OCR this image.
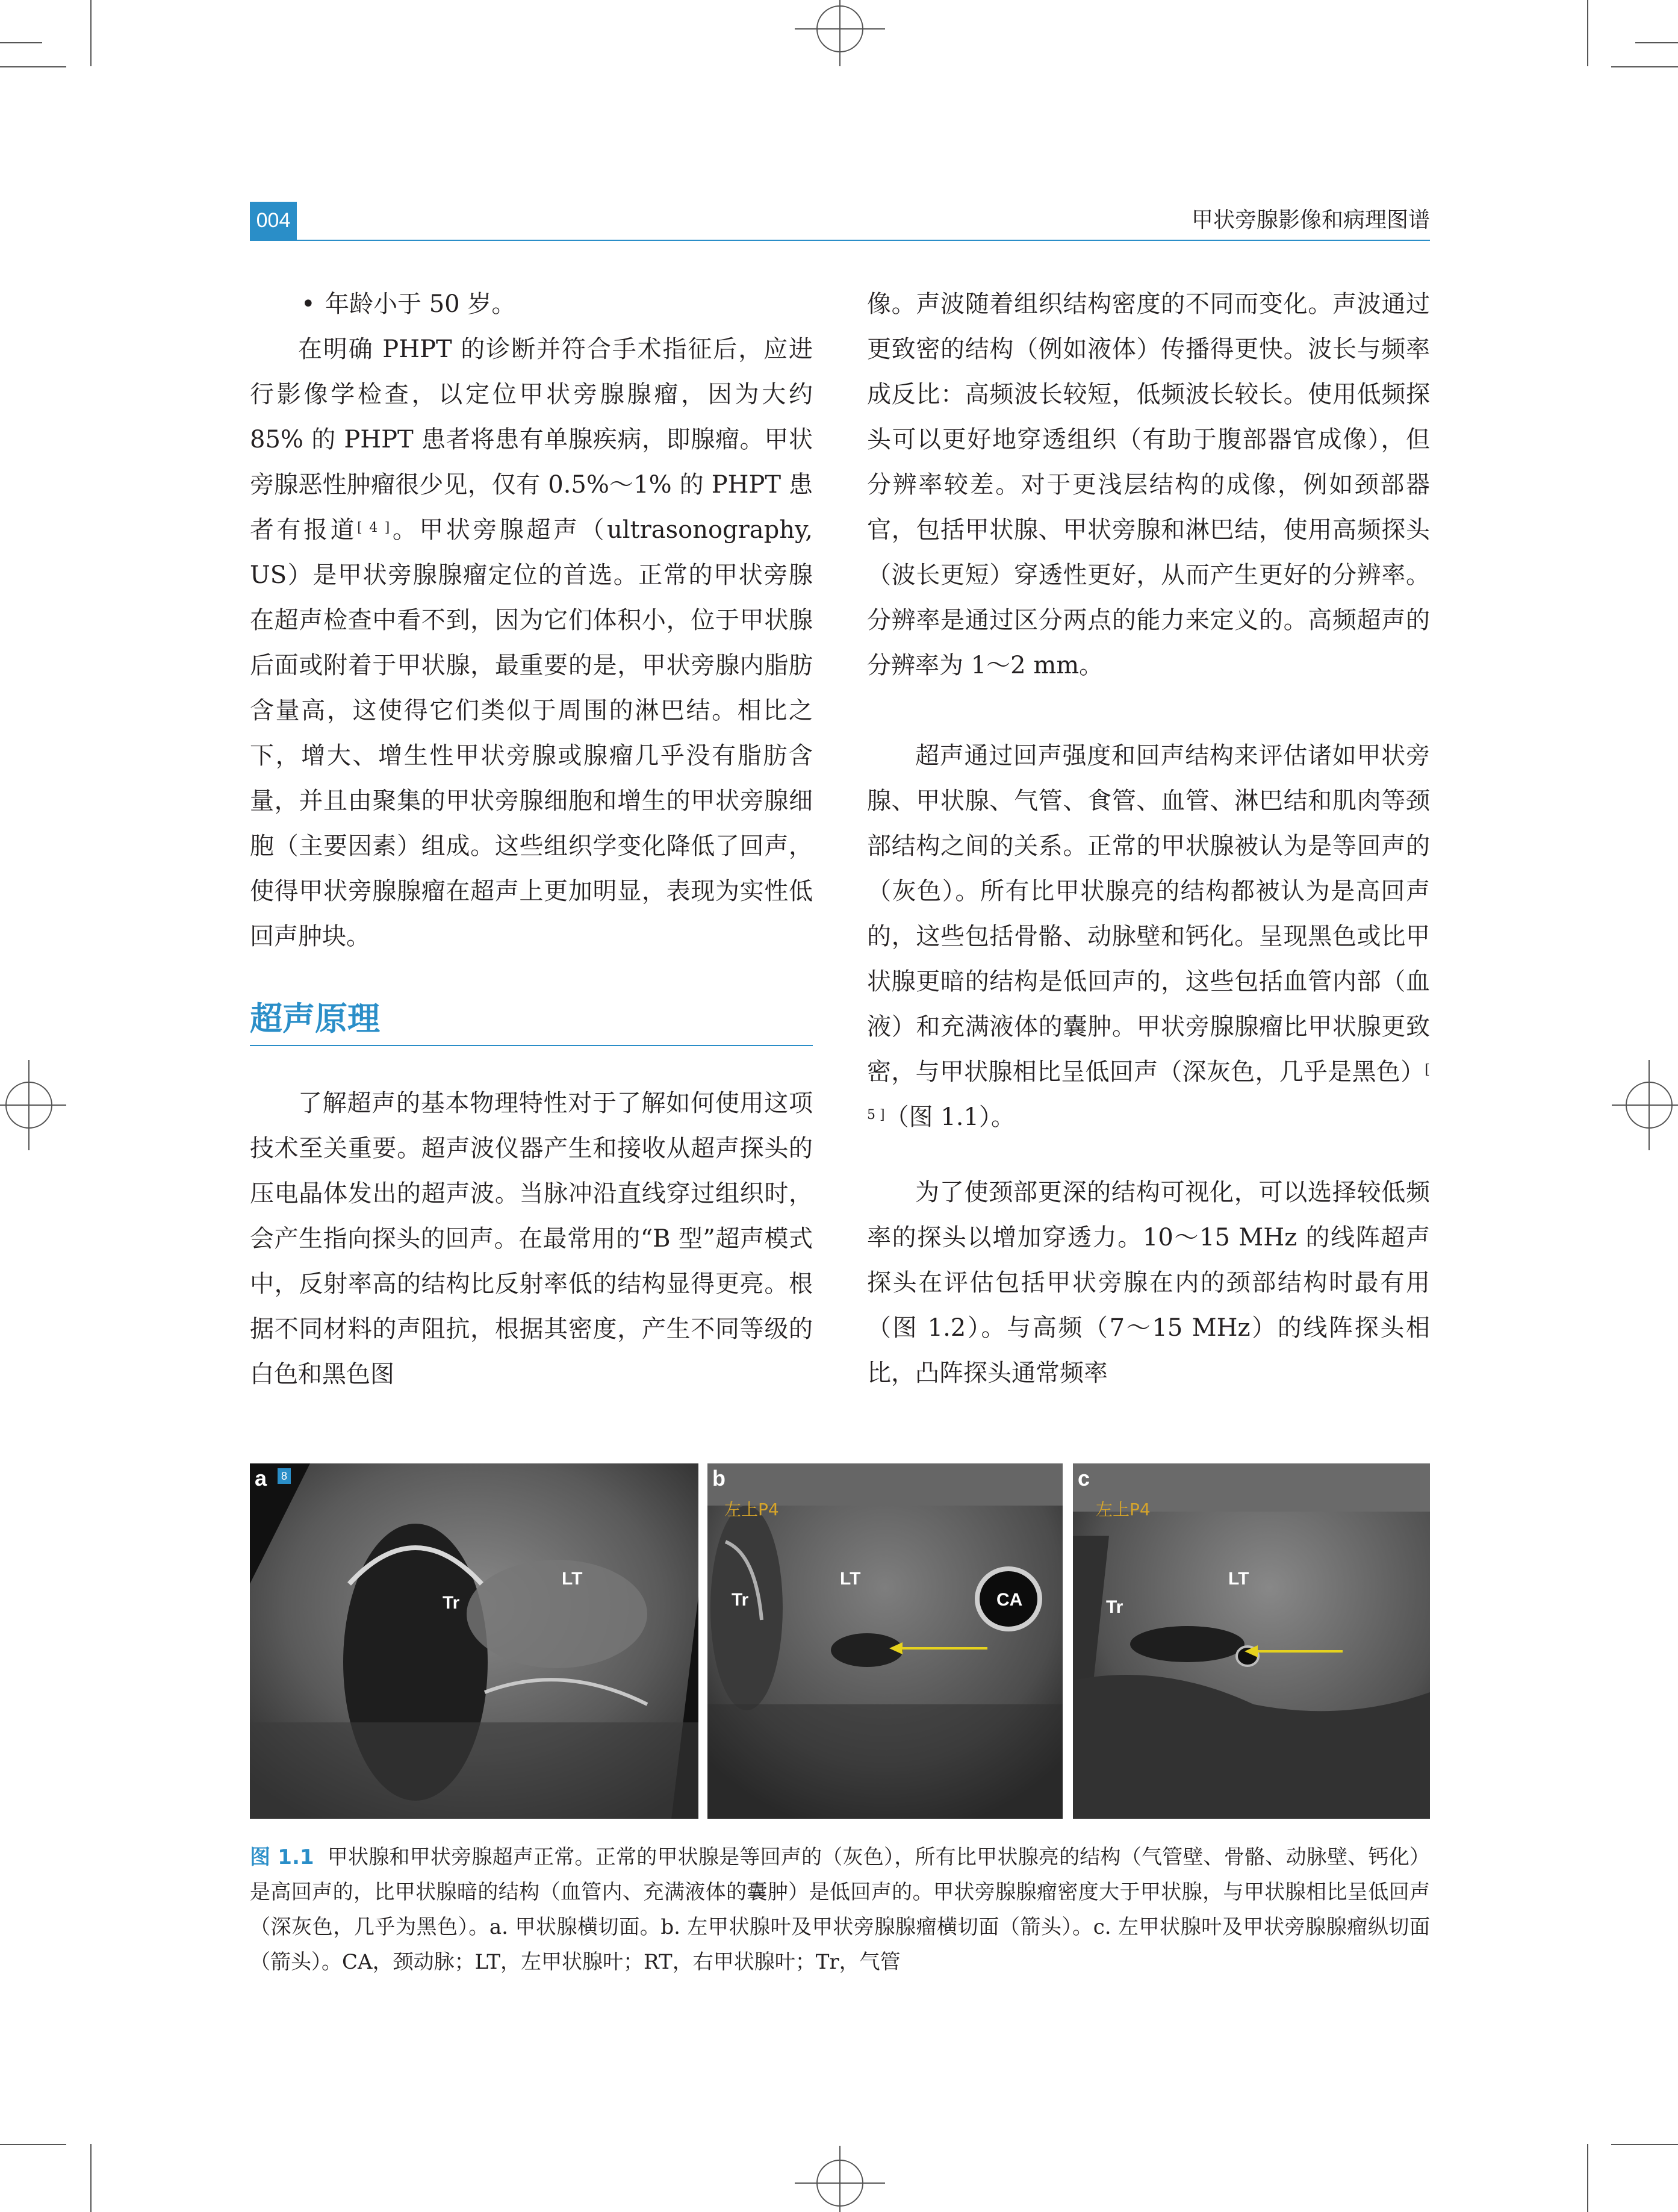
004	甲状旁腺影像和病理图谱

• 年龄小于 50 岁。

在明确 PHPT 的诊断并符合手术指征后，应进行影像学检查，以定位甲状旁腺腺瘤，因为大约 85% 的 PHPT 患者将患有单腺疾病，即腺瘤。甲状旁腺恶性肿瘤很少见，仅有 0.5%～1% 的 PHPT 患者有报道[ 4 ]。甲状旁腺超声（ultrasonography, US）是甲状旁腺腺瘤定位的首选。正常的甲状旁腺在超声检查中看不到，因为它们体积小，位于甲状腺后面或附着于甲状腺，最重要的是，甲状旁腺内脂肪含量高，这使得它们类似于周围的淋巴结。相比之下，增大、增生性甲状旁腺或腺瘤几乎没有脂肪含量，并且由聚集的甲状旁腺细胞和增生的甲状旁腺细胞（主要因素）组成。这些组织学变化降低了回声，使得甲状旁腺腺瘤在超声上更加明显，表现为实性低回声肿块。

超声原理

了解超声的基本物理特性对于了解如何使用这项技术至关重要。超声波仪器产生和接收从超声探头的压电晶体发出的超声波。当脉冲沿直线穿过组织时，会产生指向探头的回声。在最常用的“B 型”超声模式中，反射率高的结构比反射率低的结构显得更亮。根据不同材料的声阻抗，根据其密度，产生不同等级的白色和黑色图

像。声波随着组织结构密度的不同而变化。声波通过更致密的结构（例如液体）传播得更快。波长与频率成反比：高频波长较短，低频波长较长。使用低频探头可以更好地穿透组织（有助于腹部器官成像），但分辨率较差。对于更浅层结构的成像，例如颈部器官，包括甲状腺、甲状旁腺和淋巴结，使用高频探头（波长更短）穿透性更好，从而产生更好的分辨率。分辨率是通过区分两点的能力来定义的。高频超声的分辨率为 1～2 mm。

超声通过回声强度和回声结构来评估诸如甲状旁腺、甲状腺、气管、食管、血管、淋巴结和肌肉等颈部结构之间的关系。正常的甲状腺被认为是等回声的（灰色）。所有比甲状腺亮的结构都被认为是高回声的，这些包括骨骼、动脉壁和钙化。呈现黑色或比甲状腺更暗的结构是低回声的，这些包括血管内部（血液）和充满液体的囊肿。甲状旁腺腺瘤比甲状腺更致密，与甲状腺相比呈低回声（深灰色，几乎是黑色）[ 5 ]（图 1.1）。

为了使颈部更深的结构可视化，可以选择较低频率的探头以增加穿透力。10～15 MHz 的线阵超声探头在评估包括甲状旁腺在内的颈部结构时最有用（图 1.2）。与高频（7～15 MHz）的线阵探头相比，凸阵探头通常频率

a	8
Tr
LT
b
左上P4
Tr
LT
CA
c
左上P4
Tr
LT

图 1.1 甲状腺和甲状旁腺超声正常。正常的甲状腺是等回声的（灰色），所有比甲状腺亮的结构（气管壁、骨骼、动脉壁、钙化）是高回声的，比甲状腺暗的结构（血管内、充满液体的囊肿）是低回声的。甲状旁腺腺瘤密度大于甲状腺，与甲状腺相比呈低回声（深灰色，几乎为黑色）。a. 甲状腺横切面。b. 左甲状腺叶及甲状旁腺腺瘤横切面（箭头）。c. 左甲状腺叶及甲状旁腺腺瘤纵切面（箭头）。CA，颈动脉；LT，左甲状腺叶；RT，右甲状腺叶；Tr，气管
